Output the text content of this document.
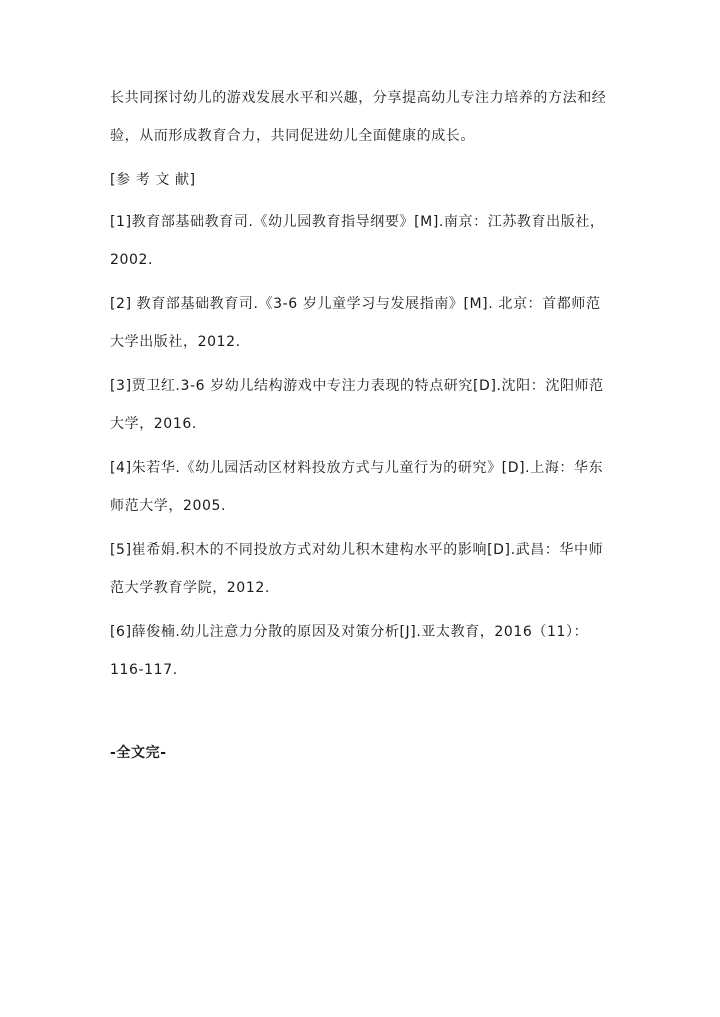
长共同探讨幼儿的游戏发展水平和兴趣，分享提高幼儿专注力培养的方法和经
验，从而形成教育合力，共同促进幼儿全面健康的成长。
[参 考 文 献]
[1]教育部基础教育司.《幼儿园教育指导纲要》[M].南京：江苏教育出版社，
2002.
[2] 教育部基础教育司.《3-6 岁儿童学习与发展指南》[M]. 北京：首都师范
大学出版社，2012.
[3]贾卫红.3-6 岁幼儿结构游戏中专注力表现的特点研究[D].沈阳：沈阳师范
大学，2016.
[4]朱若华.《幼儿园活动区材料投放方式与儿童行为的研究》[D].上海：华东
师范大学，2005.
[5]崔希娟.积木的不同投放方式对幼儿积木建构水平的影响[D].武昌：华中师
范大学教育学院，2012.
[6]薛俊楠.幼儿注意力分散的原因及对策分析[J].亚太教育，2016（11）：
116-117.
-全文完-
